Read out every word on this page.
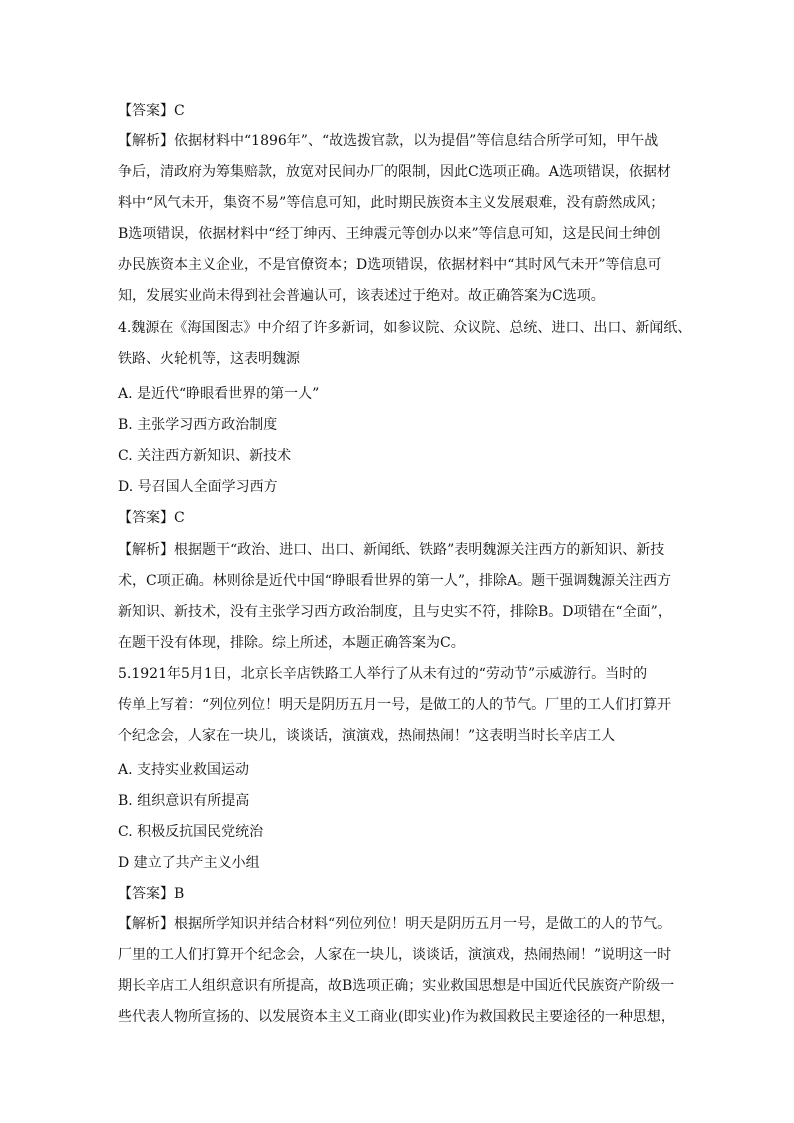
【答案】C
【解析】依据材料中“1896年”、“故选拨官款，以为提倡”等信息结合所学可知，甲午战
争后，清政府为筹集赔款，放宽对民间办厂的限制，因此C选项正确。A选项错误，依据材
料中“风气未开，集资不易”等信息可知，此时期民族资本主义发展艰难，没有蔚然成风；
B选项错误，依据材料中“经丁绅丙、王绅震元等创办以来”等信息可知，这是民间士绅创
办民族资本主义企业，不是官僚资本；D选项错误，依据材料中“其时风气未开”等信息可
知，发展实业尚未得到社会普遍认可，该表述过于绝对。故正确答案为C选项。
4.魏源在《海国图志》中介绍了许多新词，如参议院、众议院、总统、进口、出口、新闻纸、
铁路、火轮机等，这表明魏源
A. 是近代“睁眼看世界的第一人”
B. 主张学习西方政治制度
C. 关注西方新知识、新技术
D. 号召国人全面学习西方
【答案】C
【解析】根据题干“政治、进口、出口、新闻纸、铁路”表明魏源关注西方的新知识、新技
术，C项正确。林则徐是近代中国“睁眼看世界的第一人”，排除A。题干强调魏源关注西方
新知识、新技术，没有主张学习西方政治制度，且与史实不符，排除B。D项错在“全面”，
在题干没有体现，排除。综上所述，本题正确答案为C。
5.1921年5月1日，北京长辛店铁路工人举行了从未有过的“劳动节”示威游行。当时的
传单上写着：“列位列位！明天是阴历五月一号，是做工的人的节气。厂里的工人们打算开
个纪念会，人家在一块儿，谈谈话，演演戏，热闹热闹！”这表明当时长辛店工人
A. 支持实业救国运动
B. 组织意识有所提高
C. 积极反抗国民党统治
D 建立了共产主义小组
【答案】B
【解析】根据所学知识并结合材料“列位列位！明天是阴历五月一号，是做工的人的节气。
厂里的工人们打算开个纪念会，人家在一块儿，谈谈话，演演戏，热闹热闹！”说明这一时
期长辛店工人组织意识有所提高，故B选项正确；实业救国思想是中国近代民族资产阶级一
些代表人物所宣扬的、以发展资本主义工商业(即实业)作为救国救民主要途径的一种思想，
